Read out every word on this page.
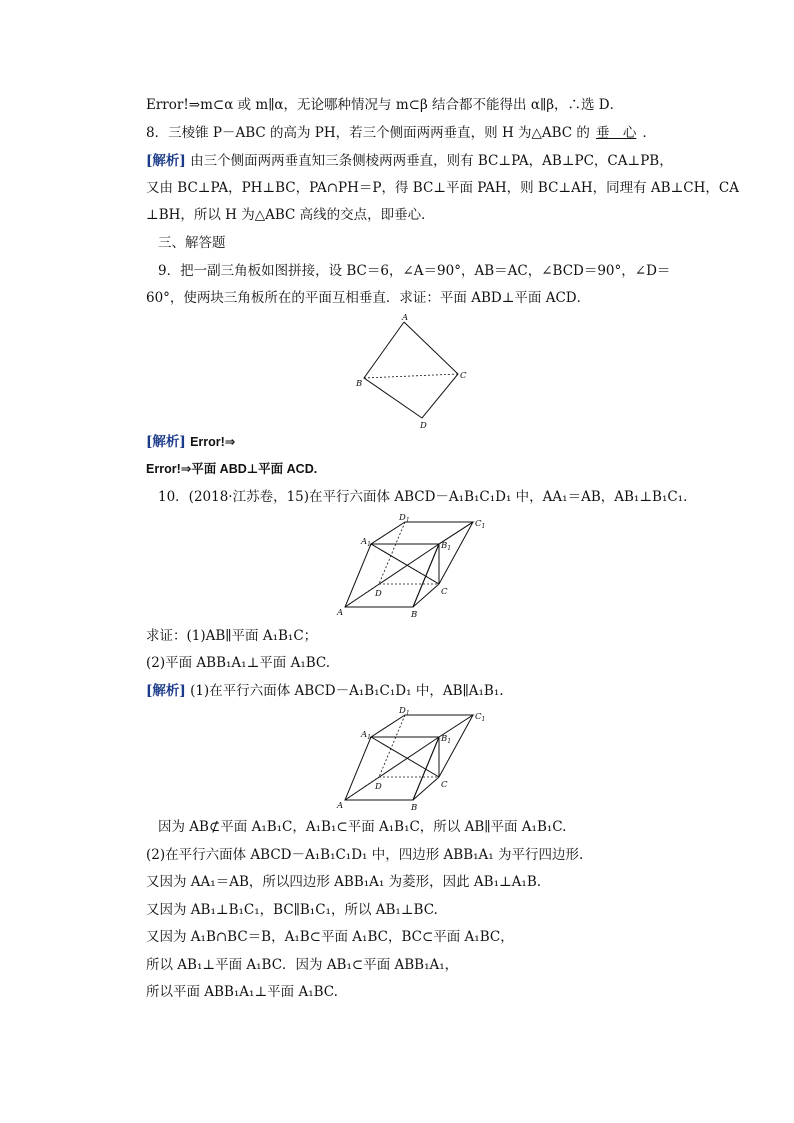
Error!⇒m⊂α 或 m∥α，无论哪种情况与 m⊂β 结合都不能得出 α∥β，∴选 D．
8．三棱锥 P－ABC 的高为 PH，若三个侧面两两垂直，则 H 为△ABC 的 垂　心 ．
[解析] 由三个侧面两两垂直知三条侧棱两两垂直，则有 BC⊥PA，AB⊥PC，CA⊥PB，
又由 BC⊥PA，PH⊥BC，PA∩PH＝P，得 BC⊥平面 PAH，则 BC⊥AH，同理有 AB⊥CH，CA
⊥BH，所以 H 为△ABC 高线的交点，即垂心．
三、解答题
9．把一副三角板如图拼接，设 BC＝6，∠A＝90°，AB＝AC，∠BCD＝90°，∠D＝
60°，使两块三角板所在的平面互相垂直．求证：平面 ABD⊥平面 ACD．
A
B
C
D
[解析] Error!⇒
Error!⇒平面 ABD⊥平面 ACD.
10．(2018·江苏卷，15)在平行六面体 ABCD－A₁B₁C₁D₁ 中，AA₁＝AB，AB₁⊥B₁C₁.
A	B
C
D
$A_1$	$B_1$
$C_1$
$D_1$
求证：(1)AB∥平面 A₁B₁C；
(2)平面 ABB₁A₁⊥平面 A₁BC.
[解析] (1)在平行六面体 ABCD－A₁B₁C₁D₁ 中，AB∥A₁B₁.
A	B
C
D
$A_1$	$B_1$
$C_1$
$D_1$
因为 AB⊄平面 A₁B₁C，A₁B₁⊂平面 A₁B₁C，所以 AB∥平面 A₁B₁C.
(2)在平行六面体 ABCD－A₁B₁C₁D₁ 中，四边形 ABB₁A₁ 为平行四边形.
又因为 AA₁＝AB，所以四边形 ABB₁A₁ 为菱形，因此 AB₁⊥A₁B.
又因为 AB₁⊥B₁C₁，BC∥B₁C₁，所以 AB₁⊥BC.
又因为 A₁B∩BC＝B，A₁B⊂平面 A₁BC，BC⊂平面 A₁BC，
所以 AB₁⊥平面 A₁BC．因为 AB₁⊂平面 ABB₁A₁，
所以平面 ABB₁A₁⊥平面 A₁BC.
